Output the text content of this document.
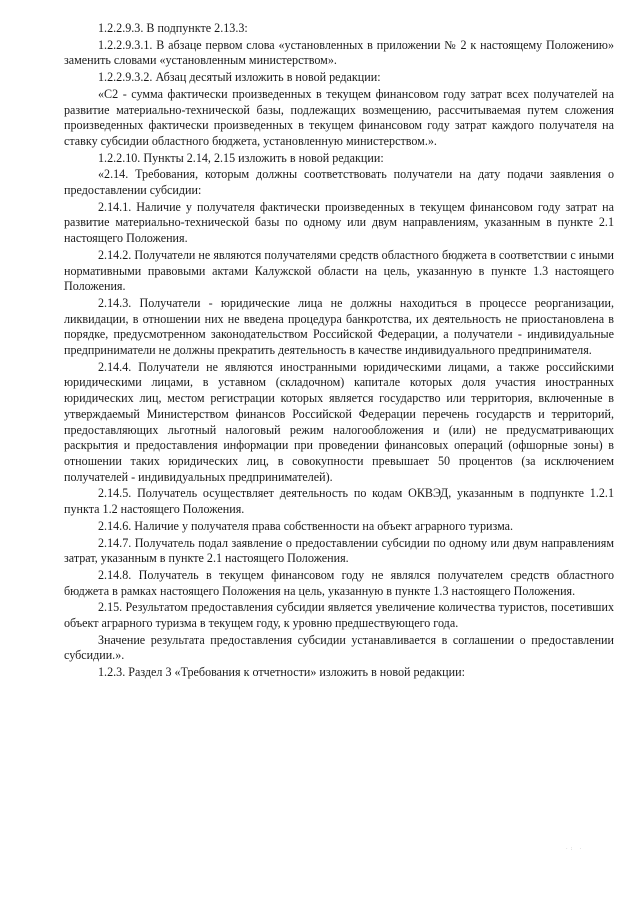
1.2.2.9.3. В подпункте 2.13.3:

1.2.2.9.3.1. В абзаце первом слова «установленных в приложении № 2 к настоящему Положению» заменить словами «установленным министерством».

1.2.2.9.3.2. Абзац десятый изложить в новой редакции:

«С2 - сумма фактически произведенных в текущем финансовом году затрат всех получателей на развитие материально-технической базы, подлежащих возмещению, рассчитываемая путем сложения произведенных фактически произведенных в текущем финансовом году затрат каждого получателя на ставку субсидии областного бюджета, установленную министерством.».

1.2.2.10. Пункты 2.14, 2.15 изложить в новой редакции:

«2.14. Требования, которым должны соответствовать получатели на дату подачи заявления о предоставлении субсидии:

2.14.1. Наличие у получателя фактически произведенных в текущем финансовом году затрат на развитие материально-технической базы по одному или двум направлениям, указанным в пункте 2.1 настоящего Положения.

2.14.2. Получатели не являются получателями средств областного бюджета в соответствии с иными нормативными правовыми актами Калужской области на цель, указанную в пункте 1.3 настоящего Положения.

2.14.3. Получатели - юридические лица не должны находиться в процессе реорганизации, ликвидации, в отношении них не введена процедура банкротства, их деятельность не приостановлена в порядке, предусмотренном законодательством Российской Федерации, а получатели - индивидуальные предприниматели не должны прекратить деятельность в качестве индивидуального предпринимателя.

2.14.4. Получатели не являются иностранными юридическими лицами, а также российскими юридическими лицами, в уставном (складочном) капитале которых доля участия иностранных юридических лиц, местом регистрации которых является государство или территория, включенные в утверждаемый Министерством финансов Российской Федерации перечень государств и территорий, предоставляющих льготный налоговый режим налогообложения и (или) не предусматривающих раскрытия и предоставления информации при проведении финансовых операций (офшорные зоны) в отношении таких юридических лиц, в совокупности превышает 50 процентов (за исключением получателей - индивидуальных предпринимателей).

2.14.5. Получатель осуществляет деятельность по кодам ОКВЭД, указанным в подпункте 1.2.1 пункта 1.2 настоящего Положения.

2.14.6. Наличие у получателя права собственности на объект аграрного туризма.

2.14.7. Получатель подал заявление о предоставлении субсидии по одному или двум направлениям затрат, указанным в пункте 2.1 настоящего Положения.

2.14.8. Получатель в текущем финансовом году не являлся получателем средств областного бюджета в рамках настоящего Положения на цель, указанную в пункте 1.3 настоящего Положения.

2.15. Результатом предоставления субсидии является увеличение количества туристов, посетивших объект аграрного туризма в текущем году, к уровню предшествующего года.

Значение результата предоставления субсидии устанавливается в соглашении о предоставлении субсидии.».

1.2.3. Раздел 3 «Требования к отчетности» изложить в новой редакции:

·: ·
